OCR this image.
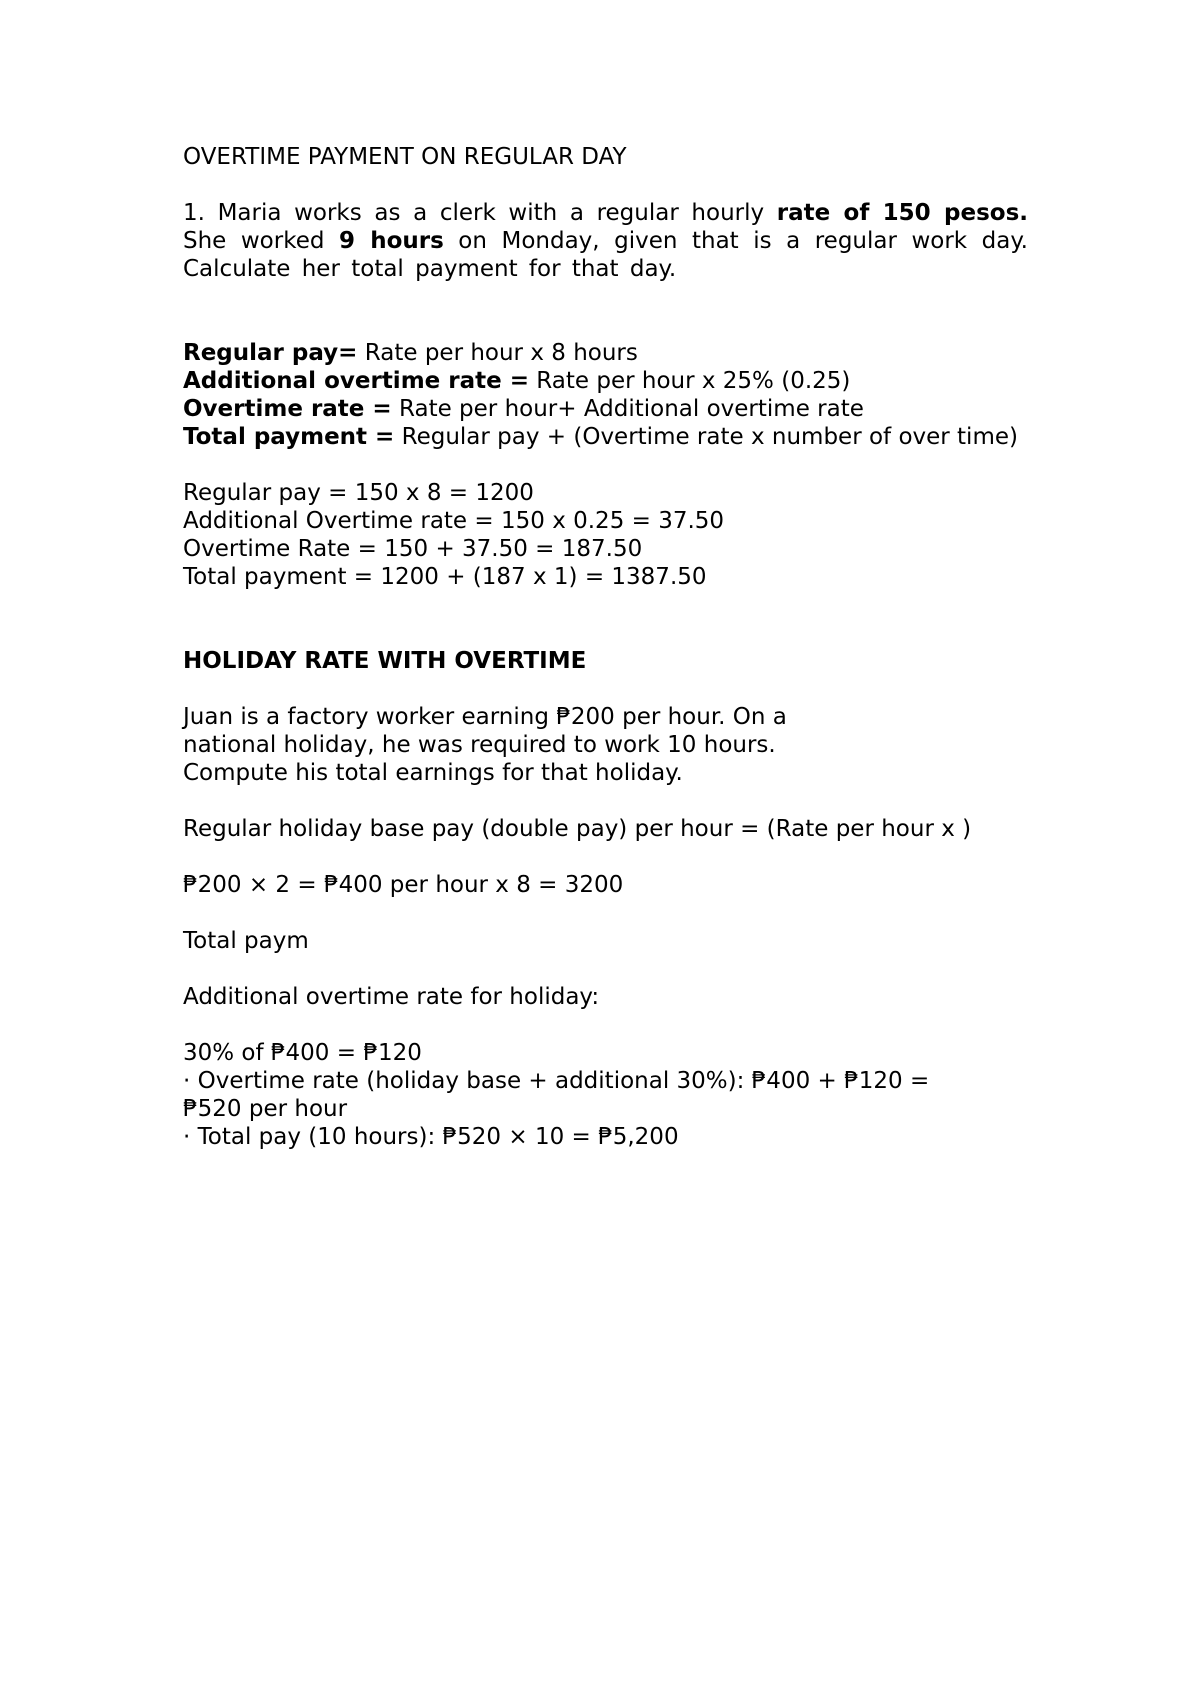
OVERTIME PAYMENT ON REGULAR DAY

1. Maria works as a clerk with a regular hourly rate of 150 pesos. She worked 9 hours on Monday, given that is a regular work day. Calculate her total payment for that day.

Regular pay= Rate per hour x 8 hours

Additional overtime rate = Rate per hour x 25% (0.25)

Overtime rate = Rate per hour+ Additional overtime rate

Total payment = Regular pay + (Overtime rate x number of over time)

Regular pay = 150 x 8 = 1200

Additional Overtime rate = 150 x 0.25 = 37.50

Overtime Rate = 150 + 37.50 = 187.50

Total payment = 1200 + (187 x 1) = 1387.50

HOLIDAY RATE WITH OVERTIME

Juan is a factory worker earning ₱200 per hour. On a national holiday, he was required to work 10 hours. Compute his total earnings for that holiday.

Regular holiday base pay (double pay) per hour = (Rate per hour x )

₱200 × 2 = ₱400 per hour x 8 = 3200

Total paym

Additional overtime rate for holiday:

30% of ₱400 = ₱120

· Overtime rate (holiday base + additional 30%): ₱400 + ₱120 = ₱520 per hour

· Total pay (10 hours): ₱520 × 10 = ₱5,200
